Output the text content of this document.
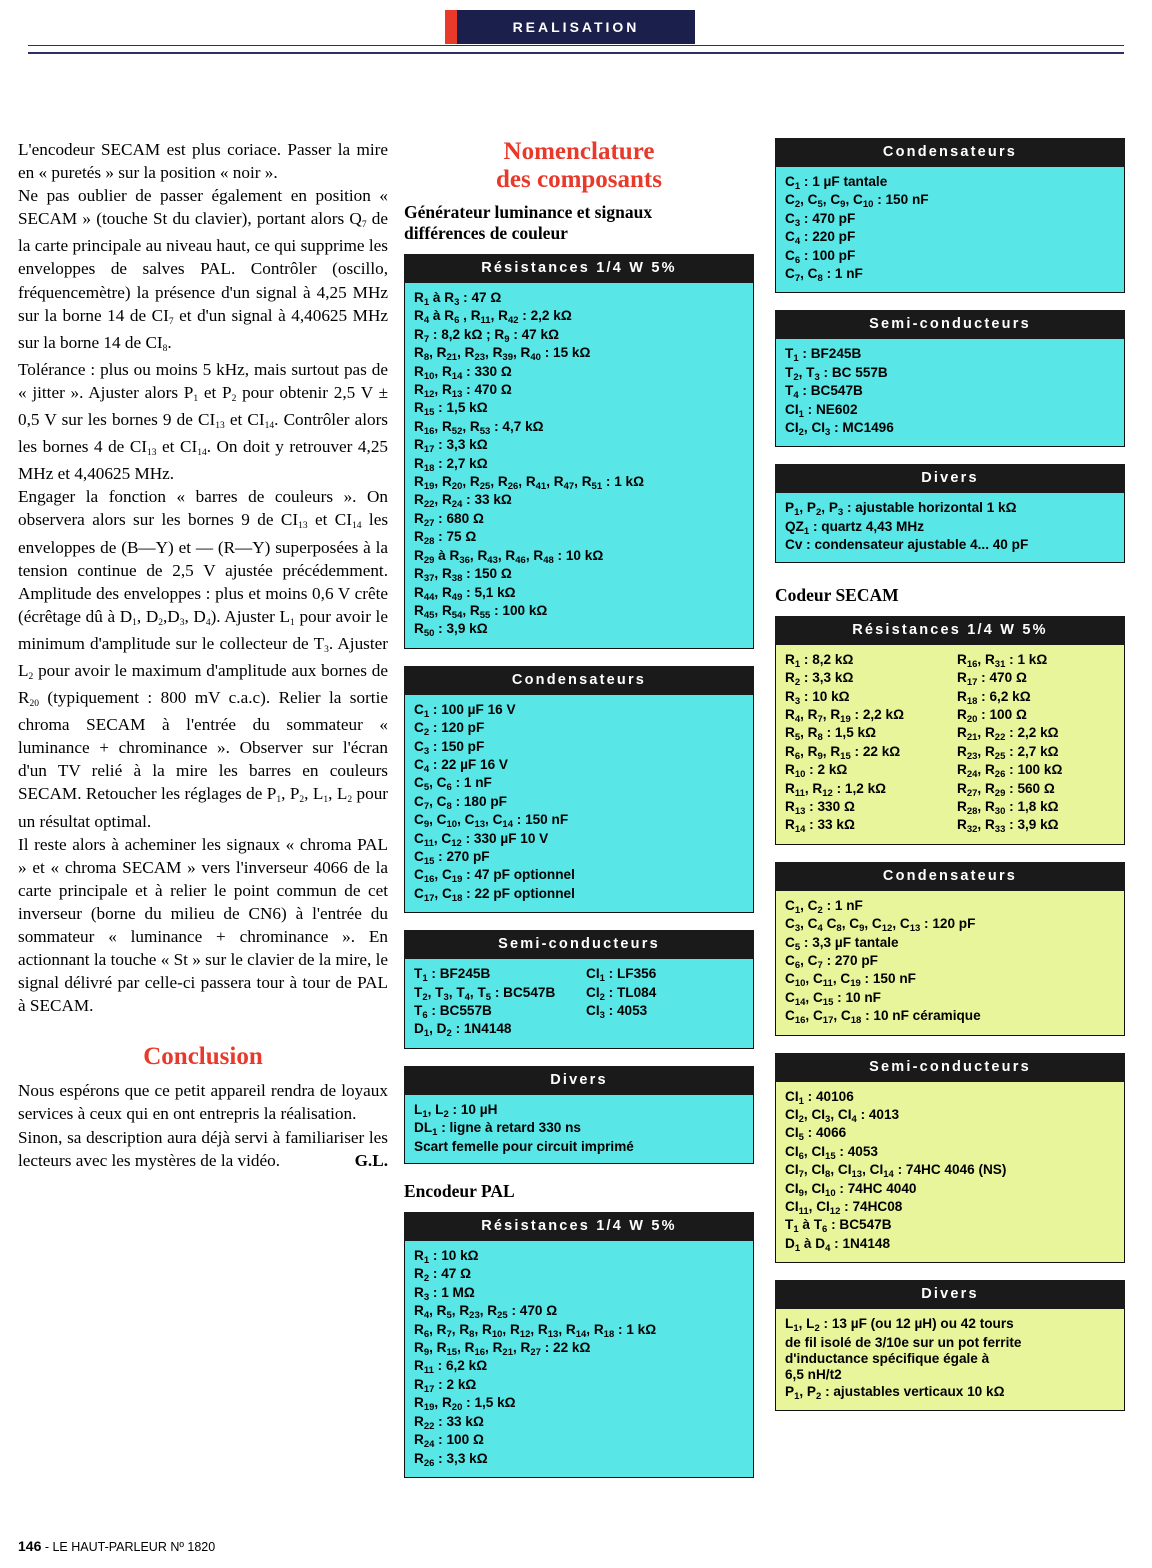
REALISATION

L'encodeur SECAM est plus coriace. Passer la mire en « puretés » sur la position « noir ».

Ne pas oublier de passer également en position « SECAM » (touche St du clavier), portant alors $Q_7$ de la carte principale au niveau haut, ce qui supprime les enveloppes de salves PAL. Contrôler (oscillo, fréquencemètre) la présence d'un signal à 4,25 MHz sur la borne 14 de $CI_7$ et d'un signal à 4,40625 MHz sur la borne 14 de $CI_8$.

Tolérance : plus ou moins 5 kHz, mais surtout pas de « jitter ». Ajuster alors $P_1$ et $P_2$ pour obtenir 2,5 V ± 0,5 V sur les bornes 9 de $CI_{13}$ et $CI_{14}$. Contrôler alors les bornes 4 de $CI_{13}$ et $CI_{14}$. On doit y retrouver 4,25 MHz et 4,40625 MHz.

Engager la fonction « barres de couleurs ». On observera alors sur les bornes 9 de $CI_{13}$ et $CI_{14}$ les enveloppes de (B—Y) et — (R—Y) superposées à la tension continue de 2,5 V ajustée précédemment. Amplitude des enveloppes : plus et moins 0,6 V crête (écrêtage dû à $D_1$, $D_2,D_3$, $D_4$). Ajuster $L_1$ pour avoir le minimum d'amplitude sur le collecteur de $T_3$. Ajuster $L_2$ pour avoir le maximum d'amplitude aux bornes de $R_{20}$ (typiquement : 800 mV c.a.c). Relier la sortie chroma SECAM à l'entrée du sommateur « luminance + chrominance ». Observer sur l'écran d'un TV relié à la mire les barres en couleurs SECAM. Retoucher les réglages de $P_1$, $P_2$, $L_1$, $L_2$ pour un résultat optimal.

Il reste alors à acheminer les signaux « chroma PAL » et « chroma SECAM » vers l'inverseur 4066 de la carte principale et à relier le point commun de cet inverseur (borne du milieu de CN6) à l'entrée du sommateur « luminance + chrominance ». En actionnant la touche « St » sur le clavier de la mire, le signal délivré par celle-ci passera tour à tour de PAL à SECAM.

Conclusion

Nous espérons que ce petit appareil rendra de loyaux services à ceux qui en ont entrepris la réalisation.

Sinon, sa description aura déjà servi à familiariser les lecteurs avec les mystères de la vidéo.	G.L.

Nomenclature
des composants
Générateur luminance et signaux
différences de couleur
Résistances 1/4 W 5%
$R_1$ à $R_3$ : 47 Ω
$R_4$ à $R_6$ , $R_{11}$, $R_{42}$ : 2,2 kΩ
$R_7$ : 8,2 kΩ ; $R_9$ : 47 kΩ
$R_8$, $R_{21}$, $R_{23}$, $R_{39}$, $R_{40}$ : 15 kΩ
$R_{10}$, $R_{14}$ : 330 Ω
$R_{12}$, $R_{13}$ : 470 Ω
$R_{15}$ : 1,5 kΩ
$R_{16}$, $R_{52}$, $R_{53}$ : 4,7 kΩ
$R_{17}$ : 3,3 kΩ
$R_{18}$ : 2,7 kΩ
$R_{19}$, $R_{20}$, $R_{25}$, $R_{26}$, $R_{41}$, $R_{47}$, $R_{51}$ : 1 kΩ
$R_{22}$, $R_{24}$ : 33 kΩ
$R_{27}$ : 680 Ω
$R_{28}$ : 75 Ω
$R_{29}$ à $R_{36}$, $R_{43}$, $R_{46}$, $R_{48}$ : 10 kΩ
$R_{37}$, $R_{38}$ : 150 Ω
$R_{44}$, $R_{49}$ : 5,1 kΩ
$R_{45}$, $R_{54}$, $R_{55}$ : 100 kΩ
$R_{50}$ : 3,9 kΩ
Condensateurs
$C_1$ : 100 µF 16 V
$C_2$ : 120 pF
$C_3$ : 150 pF
$C_4$ : 22 µF 16 V
$C_5$, $C_6$ : 1 nF
$C_7$, $C_8$ : 180 pF
$C_9$, $C_{10}$, $C_{13}$, $C_{14}$ : 150 nF
$C_{11}$, $C_{12}$ : 330 µF 10 V
$C_{15}$ : 270 pF
$C_{16}$, $C_{19}$ : 47 pF optionnel
$C_{17}$, $C_{18}$ : 22 pF optionnel
Semi-conducteurs
$T_1$ : BF245B
$T_2$, $T_3$, $T_4$, $T_5$ : BC547B
$T_6$ : BC557B
$D_1$, $D_2$ : 1N4148
$CI_1$ : LF356
$CI_2$ : TL084
$CI_3$ : 4053
Divers
$L_1$, $L_2$ : 10 µH
$DL_1$ : ligne à retard 330 ns
Scart femelle pour circuit imprimé
Encodeur PAL
Résistances 1/4 W 5%
$R_1$ : 10 kΩ
$R_2$ : 47 Ω
$R_3$ : 1 MΩ
$R_4$, $R_5$, $R_{23}$, $R_{25}$ : 470 Ω
$R_6$, $R_7$, $R_8$, $R_{10}$, $R_{12}$, $R_{13}$, $R_{14}$, $R_{18}$ : 1 kΩ
$R_9$, $R_{15}$, $R_{16}$, $R_{21}$, $R_{27}$ : 22 kΩ
$R_{11}$ : 6,2 kΩ
$R_{17}$ : 2 kΩ
$R_{19}$, $R_{20}$ : 1,5 kΩ
$R_{22}$ : 33 kΩ
$R_{24}$ : 100 Ω
$R_{26}$ : 3,3 kΩ
Condensateurs
$C_1$ : 1 µF tantale
$C_2$, $C_5$, $C_9$, $C_{10}$ : 150 nF
$C_3$ : 470 pF
$C_4$ : 220 pF
$C_6$ : 100 pF
$C_7$, $C_8$ : 1 nF
Semi-conducteurs
$T_1$ : BF245B
$T_2$, $T_3$ : BC 557B
$T_4$ : BC547B
$CI_1$ : NE602
$CI_2$, $CI_3$ : MC1496
Divers
$P_1$, $P_2$, $P_3$ : ajustable horizontal 1 kΩ
$QZ_1$ : quartz 4,43 MHz
Cv : condensateur ajustable 4... 40 pF
Codeur SECAM
Résistances 1/4 W 5%
$R_1$ : 8,2 kΩ
$R_2$ : 3,3 kΩ
$R_3$ : 10 kΩ
$R_4$, $R_7$, $R_{19}$ : 2,2 kΩ
$R_5$, $R_8$ : 1,5 kΩ
$R_6$, $R_9$, $R_{15}$ : 22 kΩ
$R_{10}$ : 2 kΩ
$R_{11}$, $R_{12}$ : 1,2 kΩ
$R_{13}$ : 330 Ω
$R_{14}$ : 33 kΩ
$R_{16}$, $R_{31}$ : 1 kΩ
$R_{17}$ : 470 Ω
$R_{18}$ : 6,2 kΩ
$R_{20}$ : 100 Ω
$R_{21}$, $R_{22}$ : 2,2 kΩ
$R_{23}$, $R_{25}$ : 2,7 kΩ
$R_{24}$, $R_{26}$ : 100 kΩ
$R_{27}$, $R_{29}$ : 560 Ω
$R_{28}$, $R_{30}$ : 1,8 kΩ
$R_{32}$, $R_{33}$ : 3,9 kΩ
Condensateurs
$C_1$, $C_2$ : 1 nF
$C_3$, $C_4$ $C_8$, $C_9$, $C_{12}$, $C_{13}$ : 120 pF
$C_5$ : 3,3 µF tantale
$C_6$, $C_7$ : 270 pF
$C_{10}$, $C_{11}$, $C_{19}$ : 150 nF
$C_{14}$, $C_{15}$ : 10 nF
$C_{16}$, $C_{17}$, $C_{18}$ : 10 nF céramique
Semi-conducteurs
$CI_1$ : 40106
$CI_2$, $CI_3$, $CI_4$ : 4013
$CI_5$ : 4066
$CI_6$, $CI_{15}$ : 4053
$CI_7$, $CI_8$, $CI_{13}$, $CI_{14}$ : 74HC 4046 (NS)
$CI_9$, $CI_{10}$ : 74HC 4040
$CI_{11}$, $CI_{12}$ : 74HC08
$T_1$ à $T_6$ : BC547B
$D_1$ à $D_4$ : 1N4148
Divers
$L_1$, $L_2$ : 13 µF (ou 12 µH) ou 42 tours
de fil isolé de 3/10e sur un pot ferrite
d'inductance spécifique égale à
6,5 nH/t2
$P_1$, $P_2$ : ajustables verticaux 10 kΩ
146 - LE HAUT-PARLEUR Nº 1820
